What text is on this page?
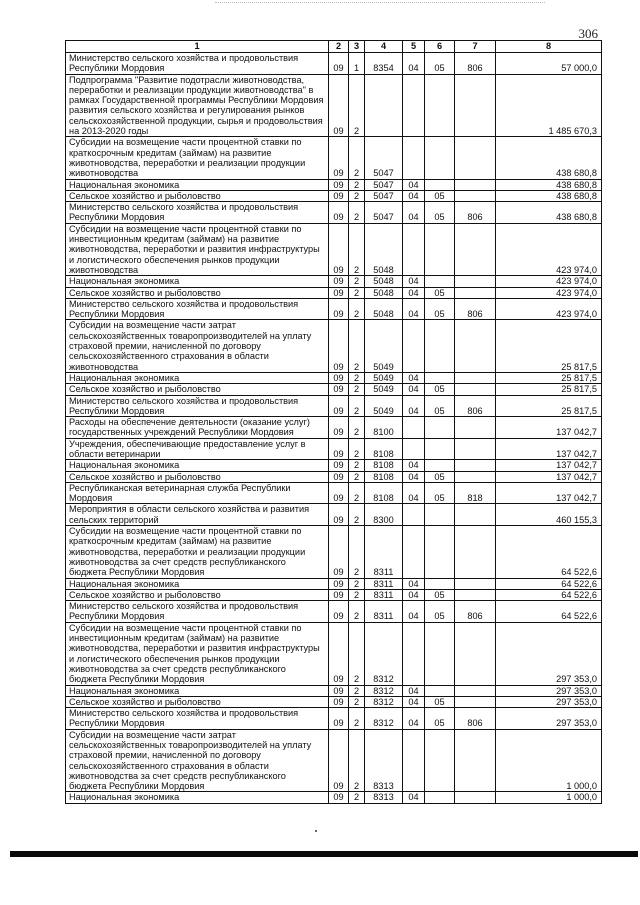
306
1	2	3	4	5	6	7	8
Министерство сельского хозяйства и продовольствия Республики Мордовия	09	1	8354	04	05	806	57 000,0
Подпрограмма "Развитие подотрасли животноводства, переработки и реализации продукции животноводства" в рамках Государственной программы Республики Мордовия развития сельского хозяйства и регулирования рынков сельскохозяйственной продукции, сырья и продовольствия на 2013-2020 годы	09	2					1 485 670,3
Субсидии на возмещение части процентной ставки по краткосрочным кредитам (займам) на развитие животноводства, переработки и реализации продукции животноводства	09	2	5047				438 680,8
Национальная экономика	09	2	5047	04			438 680,8
Сельское хозяйство и рыболовство	09	2	5047	04	05		438 680,8
Министерство сельского хозяйства и продовольствия Республики Мордовия	09	2	5047	04	05	806	438 680,8
Субсидии на возмещение части процентной ставки по инвестиционным кредитам (займам) на развитие животноводства, переработки и развития инфраструктуры и логистического обеспечения рынков продукции животноводства	09	2	5048				423 974,0
Национальная экономика	09	2	5048	04			423 974,0
Сельское хозяйство и рыболовство	09	2	5048	04	05		423 974,0
Министерство сельского хозяйства и продовольствия Республики Мордовия	09	2	5048	04	05	806	423 974,0
Субсидии на возмещение части затрат сельскохозяйственных товаропроизводителей на уплату страховой премии, начисленной по договору сельскохозяйственного страхования в области животноводства	09	2	5049				25 817,5
Национальная экономика	09	2	5049	04			25 817,5
Сельское хозяйство и рыболовство	09	2	5049	04	05		25 817,5
Министерство сельского хозяйства и продовольствия Республики Мордовия	09	2	5049	04	05	806	25 817,5
Расходы на обеспечение деятельности (оказание услуг) государственных учреждений Республики Мордовия	09	2	8100				137 042,7
Учреждения, обеспечивающие предоставление услуг в области ветеринарии	09	2	8108				137 042,7
Национальная экономика	09	2	8108	04			137 042,7
Сельское хозяйство и рыболовство	09	2	8108	04	05		137 042,7
Республиканская ветеринарная служба Республики Мордовия	09	2	8108	04	05	818	137 042,7
Мероприятия в области сельского хозяйства и развития сельских территорий	09	2	8300				460 155,3
Субсидии на возмещение части процентной ставки по краткосрочным кредитам (займам) на развитие животноводства, переработки и реализации продукции животноводства за счет средств республиканского бюджета Республики Мордовия	09	2	8311				64 522,6
Национальная экономика	09	2	8311	04			64 522,6
Сельское хозяйство и рыболовство	09	2	8311	04	05		64 522,6
Министерство сельского хозяйства и продовольствия Республики Мордовия	09	2	8311	04	05	806	64 522,6
Субсидии на возмещение части процентной ставки по инвестиционным кредитам (займам) на развитие животноводства, переработки и развития инфраструктуры и логистического обеспечения рынков продукции животноводства за счет средств республиканского бюджета Республики Мордовия	09	2	8312				297 353,0
Национальная экономика	09	2	8312	04			297 353,0
Сельское хозяйство и рыболовство	09	2	8312	04	05		297 353,0
Министерство сельского хозяйства и продовольствия Республики Мордовия	09	2	8312	04	05	806	297 353,0
Субсидии на возмещение части затрат сельскохозяйственных товаропроизводителей на уплату страховой премии, начисленной по договору сельскохозяйственного страхования в области животноводства за счет средств республиканского бюджета Республики Мордовия	09	2	8313				1 000,0
Национальная экономика	09	2	8313	04			1 000,0
